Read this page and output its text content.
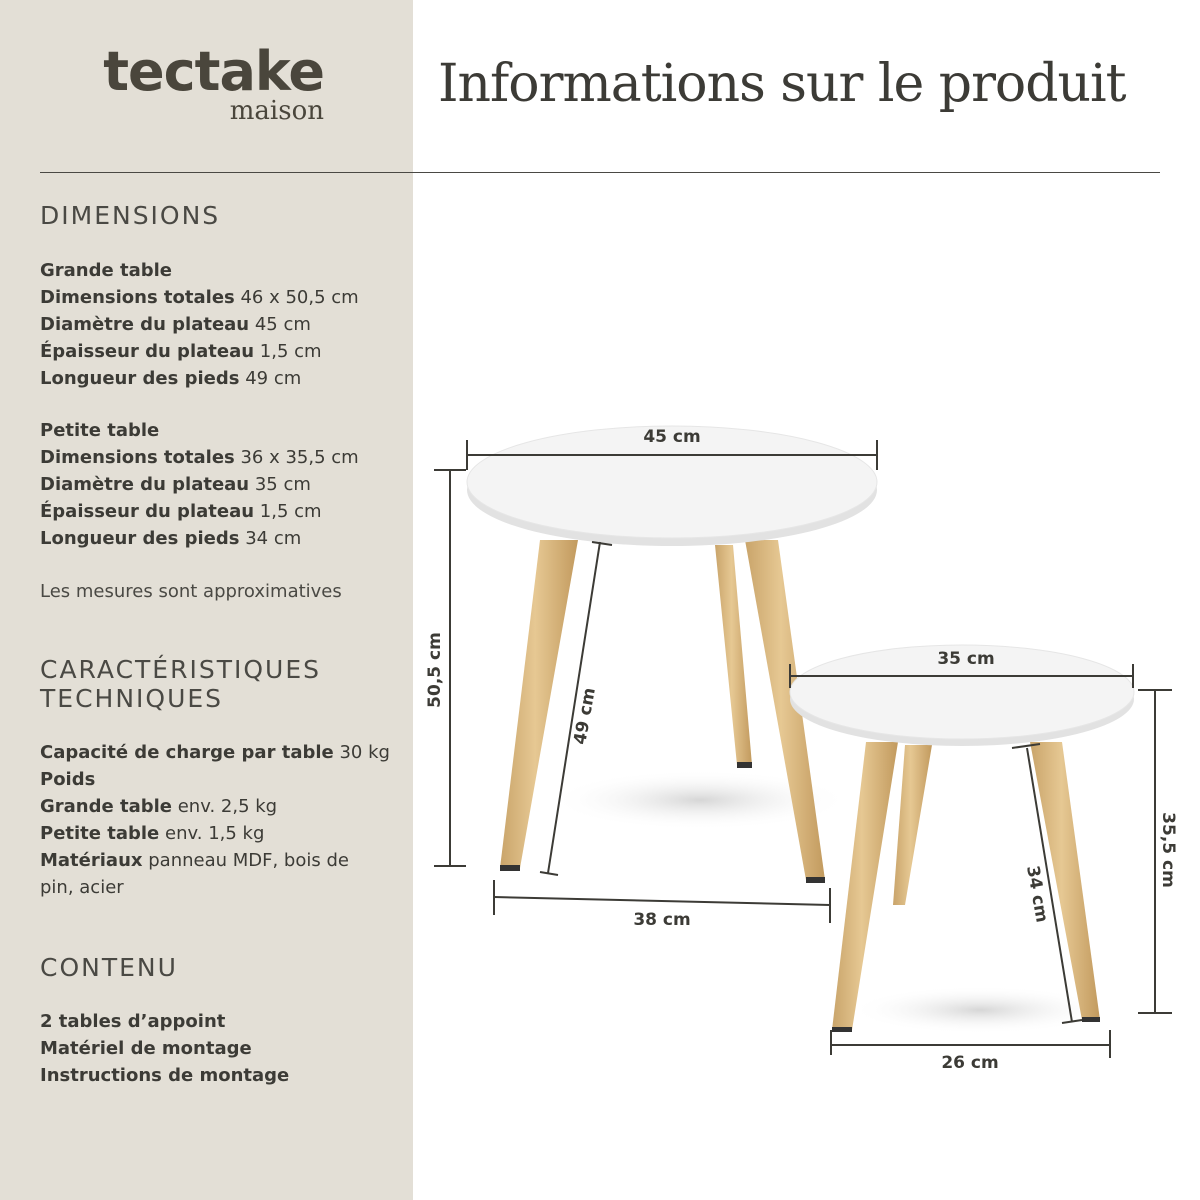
tectake
maison Informations sur le produit
DIMENSIONS
Grande table
Dimensions totales 46 x 50,5 cm
Diamètre du plateau 45 cm
Épaisseur du plateau 1,5 cm
Longueur des pieds 49 cm
Petite table
Dimensions totales 36 x 35,5 cm
Diamètre du plateau 35 cm
Épaisseur du plateau 1,5 cm
Longueur des pieds 34 cm
Les mesures sont approximatives
CARACTÉRISTIQUES
TECHNIQUES
Capacité de charge par table 30 kg
Poids
Grande table env. 2,5 kg
Petite table env. 1,5 kg
Matériaux panneau MDF, bois de pin, acier
CONTENU
2 tables d’appoint
Matériel de montage
Instructions de montage
45 cm
50,5 cm
49 cm
38 cm
35 cm
35,5 cm
34 cm
26 cm
